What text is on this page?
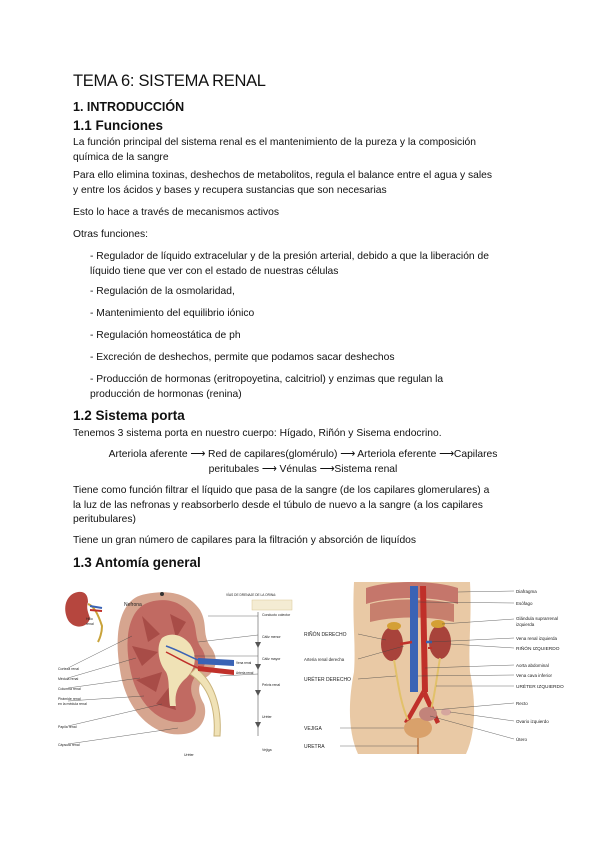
TEMA 6: SISTEMA RENAL
1. INTRODUCCIÓN
1.1 Funciones
La función principal del sistema renal es el mantenimiento de la pureza y la composición
química de la sangre
Para ello elimina toxinas, deshechos de metabolitos, regula el balance entre el agua y sales
y entre los ácidos y bases y recupera sustancias que son necesarias
Esto lo hace a través de mecanismos activos
Otras funciones:
- Regulador de líquido extracelular y de la presión arterial, debido a que la liberación de
líquido tiene que ver con el estado de nuestras células
- Regulación de la osmolaridad,
- Mantenimiento del equilibrio iónico
- Regulación homeostática de ph
- Excreción de deshechos, permite que podamos sacar deshechos
- Producción de hormonas (eritropoyetina, calcitriol) y enzimas que regulan la
producción de hormonas (renina)
1.2 Sistema porta
Tenemos 3 sistema porta en nuestro cuerpo: Hígado, Riñón y Sisema endocrino.
Arteriola aferente ⟶ Red de capilares(glomérulo) ⟶ Arteriola eferente ⟶Capilares
peritubales ⟶ Vénulas ⟶Sistema renal
Tiene como función filtrar el líquido que pasa de la sangre (de los capilares glomerulares) a
la luz de las nefronas y reabsorberlo desde el túbulo de nuevo a la sangre (a los capilares
peritubulares)
Tiene un gran número de capilares para la filtración y absorción de liquídos
1.3 Antomía general
Nefrona
Hilio
renal
VÍAS DE DRENAJE DE LA ORINA:
Conducto colector
Cáliz menor
Cáliz mayor
Pelvis renal
Uréter
Vejiga
Corteza renal
Médula renal
Columna renal
Pirámide renal
en la médula renal
Papila renal
Cápsula renal
Uréter
Vena renal
Arteria renal
RIÑÓN DERECHO
Arteria renal derecha
URÉTER DERECHO
VEJIGA
URETRA
Diafragma
Esófago
Glándula suprarrenal
izquierda
Vena renal izquierda
RIÑÓN IZQUIERDO
Aorta abdominal
Vena cava inferior
URÉTER IZQUIERDO
Recto
Ovario izquierdo
Útero
